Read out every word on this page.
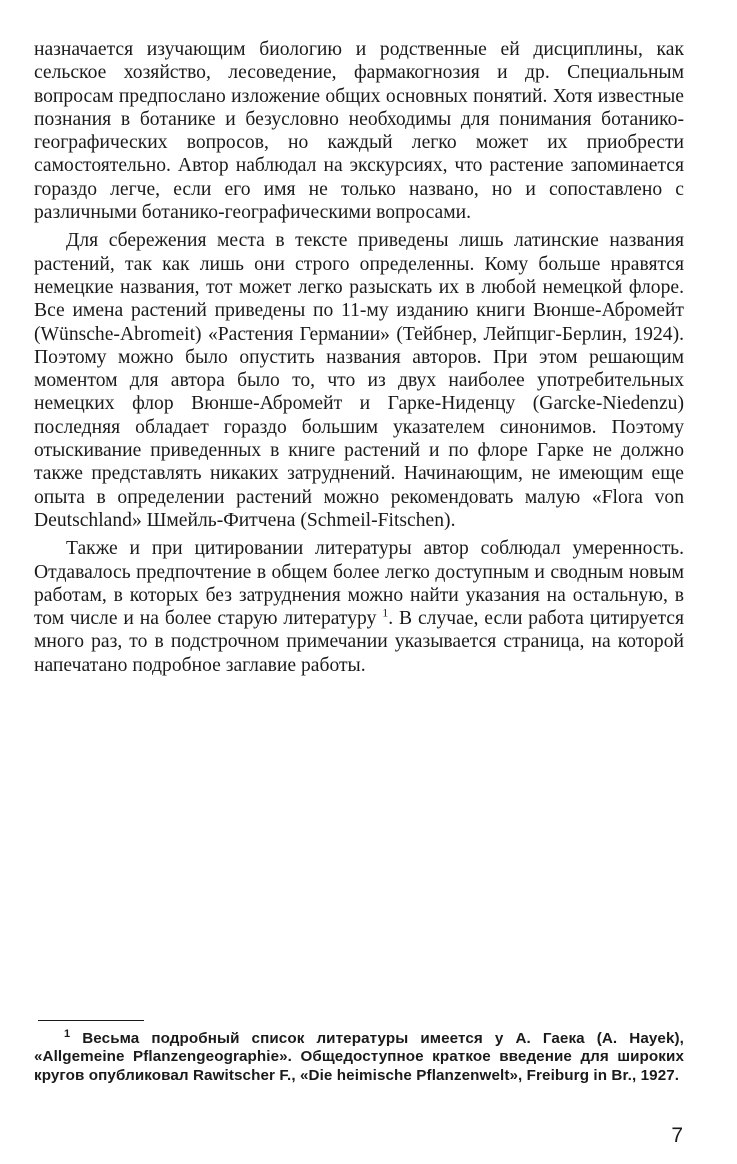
назначается изучающим биологию и родственные ей дисциплины, как сельское хозяйство, лесоведение, фармакогнозия и др. Специальным вопросам предпослано изложение общих основных понятий. Хотя известные познания в ботанике и безусловно необходимы для понимания ботанико-географических вопросов, но каждый легко может их приобрести самостоятельно. Автор наблюдал на экскурсиях, что растение запоминается гораздо легче, если его имя не только названо, но и сопоставлено с различными ботанико-географическими вопросами.

Для сбережения места в тексте приведены лишь латинские названия растений, так как лишь они строго определенны. Кому больше нравятся немецкие названия, тот может легко разыскать их в любой немецкой флоре. Все имена растений приведены по 11-му изданию книги Вюнше-Абромейт (Wünsche-Abromeit) «Растения Германии» (Тейбнер, Лейпциг-Берлин, 1924). Поэтому можно было опустить названия авторов. При этом решающим моментом для автора было то, что из двух наиболее употребительных немецких флор Вюнше-Абромейт и Гарке-Ниденцу (Garcke-Niedenzu) последняя обладает гораздо большим указателем синонимов. Поэтому отыскивание приведенных в книге растений и по флоре Гарке не должно также представлять никаких затруднений. Начинающим, не имеющим еще опыта в определении растений можно рекомендовать малую «Flora von Deutschland» Шмейль-Фитчена (Schmeil-Fitschen).

Также и при цитировании литературы автор соблюдал умеренность. Отдавалось предпочтение в общем более легко доступным и сводным новым работам, в которых без затруднения можно найти указания на остальную, в том числе и на более старую литературу $^1$. В случае, если работа цитируется много раз, то в подстрочном примечании указывается страница, на которой напечатано подробное заглавие работы.

$^1$ Весьма подробный список литературы имеется у А. Гаека (A. Hayek), «Allgemeine Pflanzengeographie». Общедоступное краткое введение для широких кругов опубликовал Rawitscher F., «Die heimische Pflanzenwelt», Freiburg in Br., 1927.

7
